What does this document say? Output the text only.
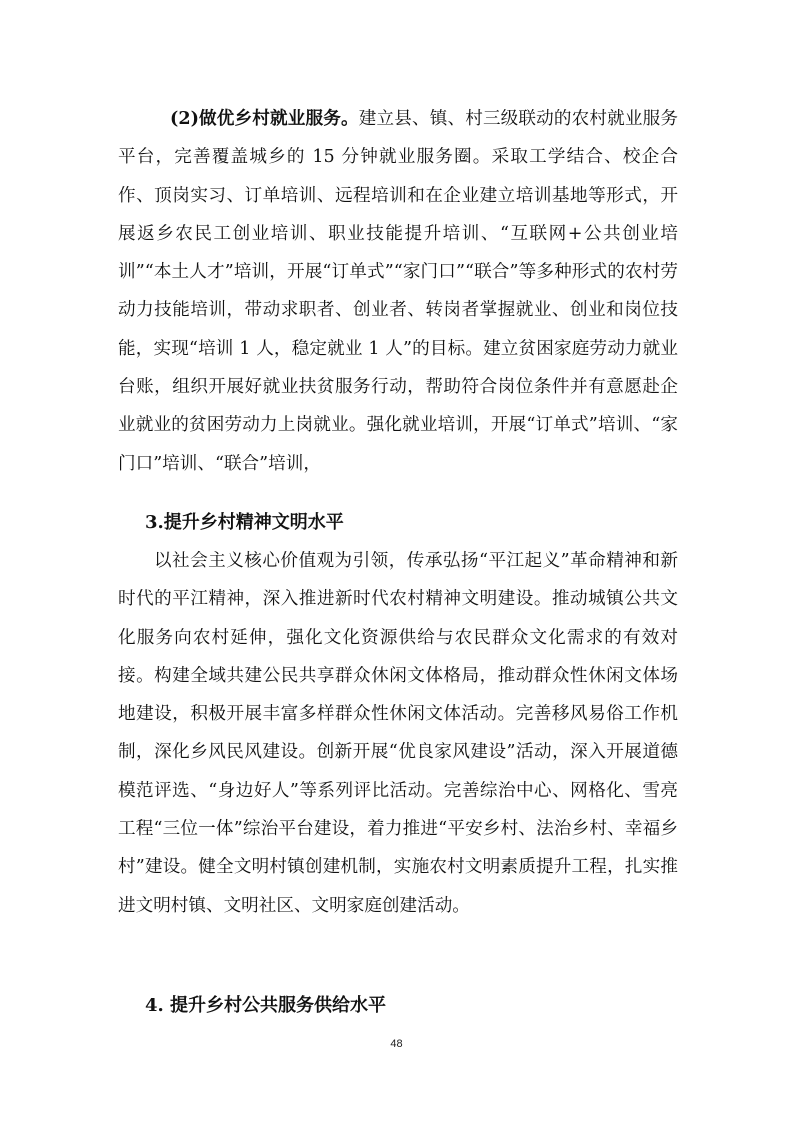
(2)做优乡村就业服务。建立县、镇、村三级联动的农村就业服务平台，完善覆盖城乡的 15 分钟就业服务圈。采取工学结合、校企合作、顶岗实习、订单培训、远程培训和在企业建立培训基地等形式，开展返乡农民工创业培训、职业技能提升培训、“互联网+公共创业培训”“本土人才”培训，开展“订单式”“家门口”“联合”等多种形式的农村劳动力技能培训，带动求职者、创业者、转岗者掌握就业、创业和岗位技能，实现“培训 1 人，稳定就业 1 人”的目标。建立贫困家庭劳动力就业台账，组织开展好就业扶贫服务行动，帮助符合岗位条件并有意愿赴企业就业的贫困劳动力上岗就业。强化就业培训，开展“订单式”培训、“家门口”培训、“联合”培训，

3.提升乡村精神文明水平

以社会主义核心价值观为引领，传承弘扬“平江起义”革命精神和新时代的平江精神，深入推进新时代农村精神文明建设。推动城镇公共文化服务向农村延伸，强化文化资源供给与农民群众文化需求的有效对接。构建全域共建公民共享群众休闲文体格局，推动群众性休闲文体场地建设，积极开展丰富多样群众性休闲文体活动。完善移风易俗工作机制，深化乡风民风建设。创新开展“优良家风建设”活动，深入开展道德模范评选、“身边好人”等系列评比活动。完善综治中心、网格化、雪亮工程“三位一体”综治平台建设，着力推进“平安乡村、法治乡村、幸福乡村”建设。健全文明村镇创建机制，实施农村文明素质提升工程，扎实推进文明村镇、文明社区、文明家庭创建活动。

4. 提升乡村公共服务供给水平
48
